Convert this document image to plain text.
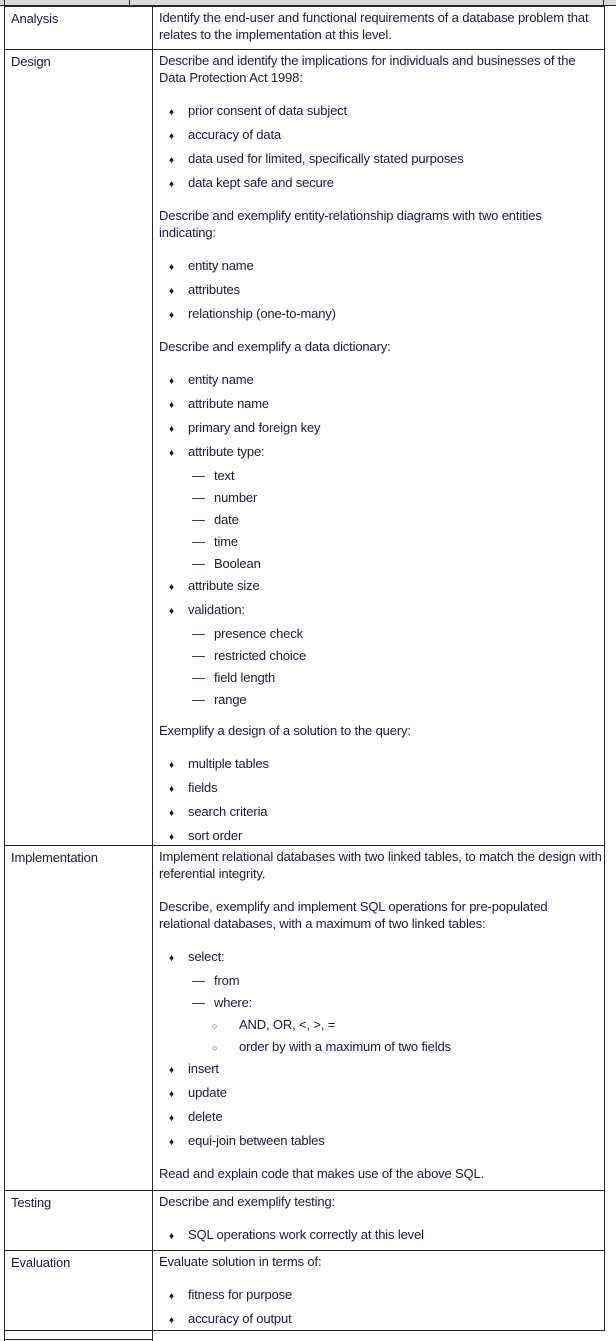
Analysis	Identify the end-user and functional requirements of a database problem that relates to the implementation at this level.

Design	Describe and identify the implications for individuals and businesses of the Data Protection Act 1998:

♦	prior consent of data subject
♦	accuracy of data
♦	data used for limited, specifically stated purposes
♦	data kept safe and secure

Describe and exemplify entity-relationship diagrams with two entities indicating:

♦	entity name
♦	attributes
♦	relationship (one-to-many)

Describe and exemplify a data dictionary:

♦	entity name
♦	attribute name
♦	primary and foreign key
♦	attribute type:
— text
— number
— date
— time
— Boolean
♦	attribute size
♦	validation:
— presence check
— restricted choice
— field length
— range

Exemplify a design of a solution to the query:

♦	multiple tables
♦	fields
♦	search criteria
♦	sort order
Implementation	Implement relational databases with two linked tables, to match the design with referential integrity.

Describe, exemplify and implement SQL operations for pre-populated relational databases, with a maximum of two linked tables:

♦	select:
— from
— where:
○	AND, OR, <, >, =
○	order by with a maximum of two fields
♦	insert
♦	update
♦	delete
♦	equi-join between tables

Read and explain code that makes use of the above SQL.

Testing	Describe and exemplify testing:

♦	SQL operations work correctly at this level
Evaluation	Evaluate solution in terms of:

♦	fitness for purpose
♦	accuracy of output
